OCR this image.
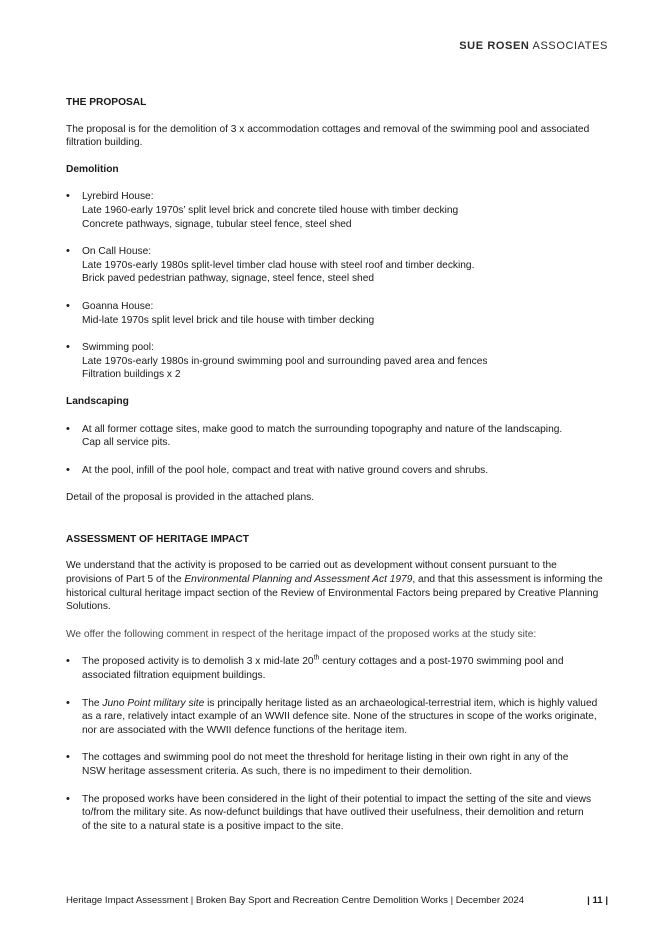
SUE ROSEN ASSOCIATES

THE PROPOSAL

The proposal is for the demolition of 3 x accommodation cottages and removal of the swimming pool and associated
filtration building.

Demolition

• Lyrebird House:
Late 1960-early 1970s’ split level brick and concrete tiled house with timber decking
Concrete pathways, signage, tubular steel fence, steel shed
• On Call House:
Late 1970s-early 1980s split-level timber clad house with steel roof and timber decking.
Brick paved pedestrian pathway, signage, steel fence, steel shed
• Goanna House:
Mid-late 1970s split level brick and tile house with timber decking
• Swimming pool:
Late 1970s-early 1980s in-ground swimming pool and surrounding paved area and fences
Filtration buildings x 2

Landscaping

• At all former cottage sites, make good to match the surrounding topography and nature of the landscaping.
Cap all service pits.
• At the pool, infill of the pool hole, compact and treat with native ground covers and shrubs.

Detail of the proposal is provided in the attached plans.

ASSESSMENT OF HERITAGE IMPACT

We understand that the activity is proposed to be carried out as development without consent pursuant to the
provisions of Part 5 of the Environmental Planning and Assessment Act 1979, and that this assessment is informing the
historical cultural heritage impact section of the Review of Environmental Factors being prepared by Creative Planning
Solutions.

We offer the following comment in respect of the heritage impact of the proposed works at the study site:

• The proposed activity is to demolish 3 x mid-late 20th century cottages and a post-1970 swimming pool and
associated filtration equipment buildings.
• The Juno Point military site is principally heritage listed as an archaeological-terrestrial item, which is highly valued
as a rare, relatively intact example of an WWII defence site. None of the structures in scope of the works originate,
nor are associated with the WWII defence functions of the heritage item.
• The cottages and swimming pool do not meet the threshold for heritage listing in their own right in any of the
NSW heritage assessment criteria. As such, there is no impediment to their demolition.
• The proposed works have been considered in the light of their potential to impact the setting of the site and views
to/from the military site. As now-defunct buildings that have outlived their usefulness, their demolition and return
of the site to a natural state is a positive impact to the site.
Heritage Impact Assessment | Broken Bay Sport and Recreation Centre Demolition Works | December 2024	| 11 |
